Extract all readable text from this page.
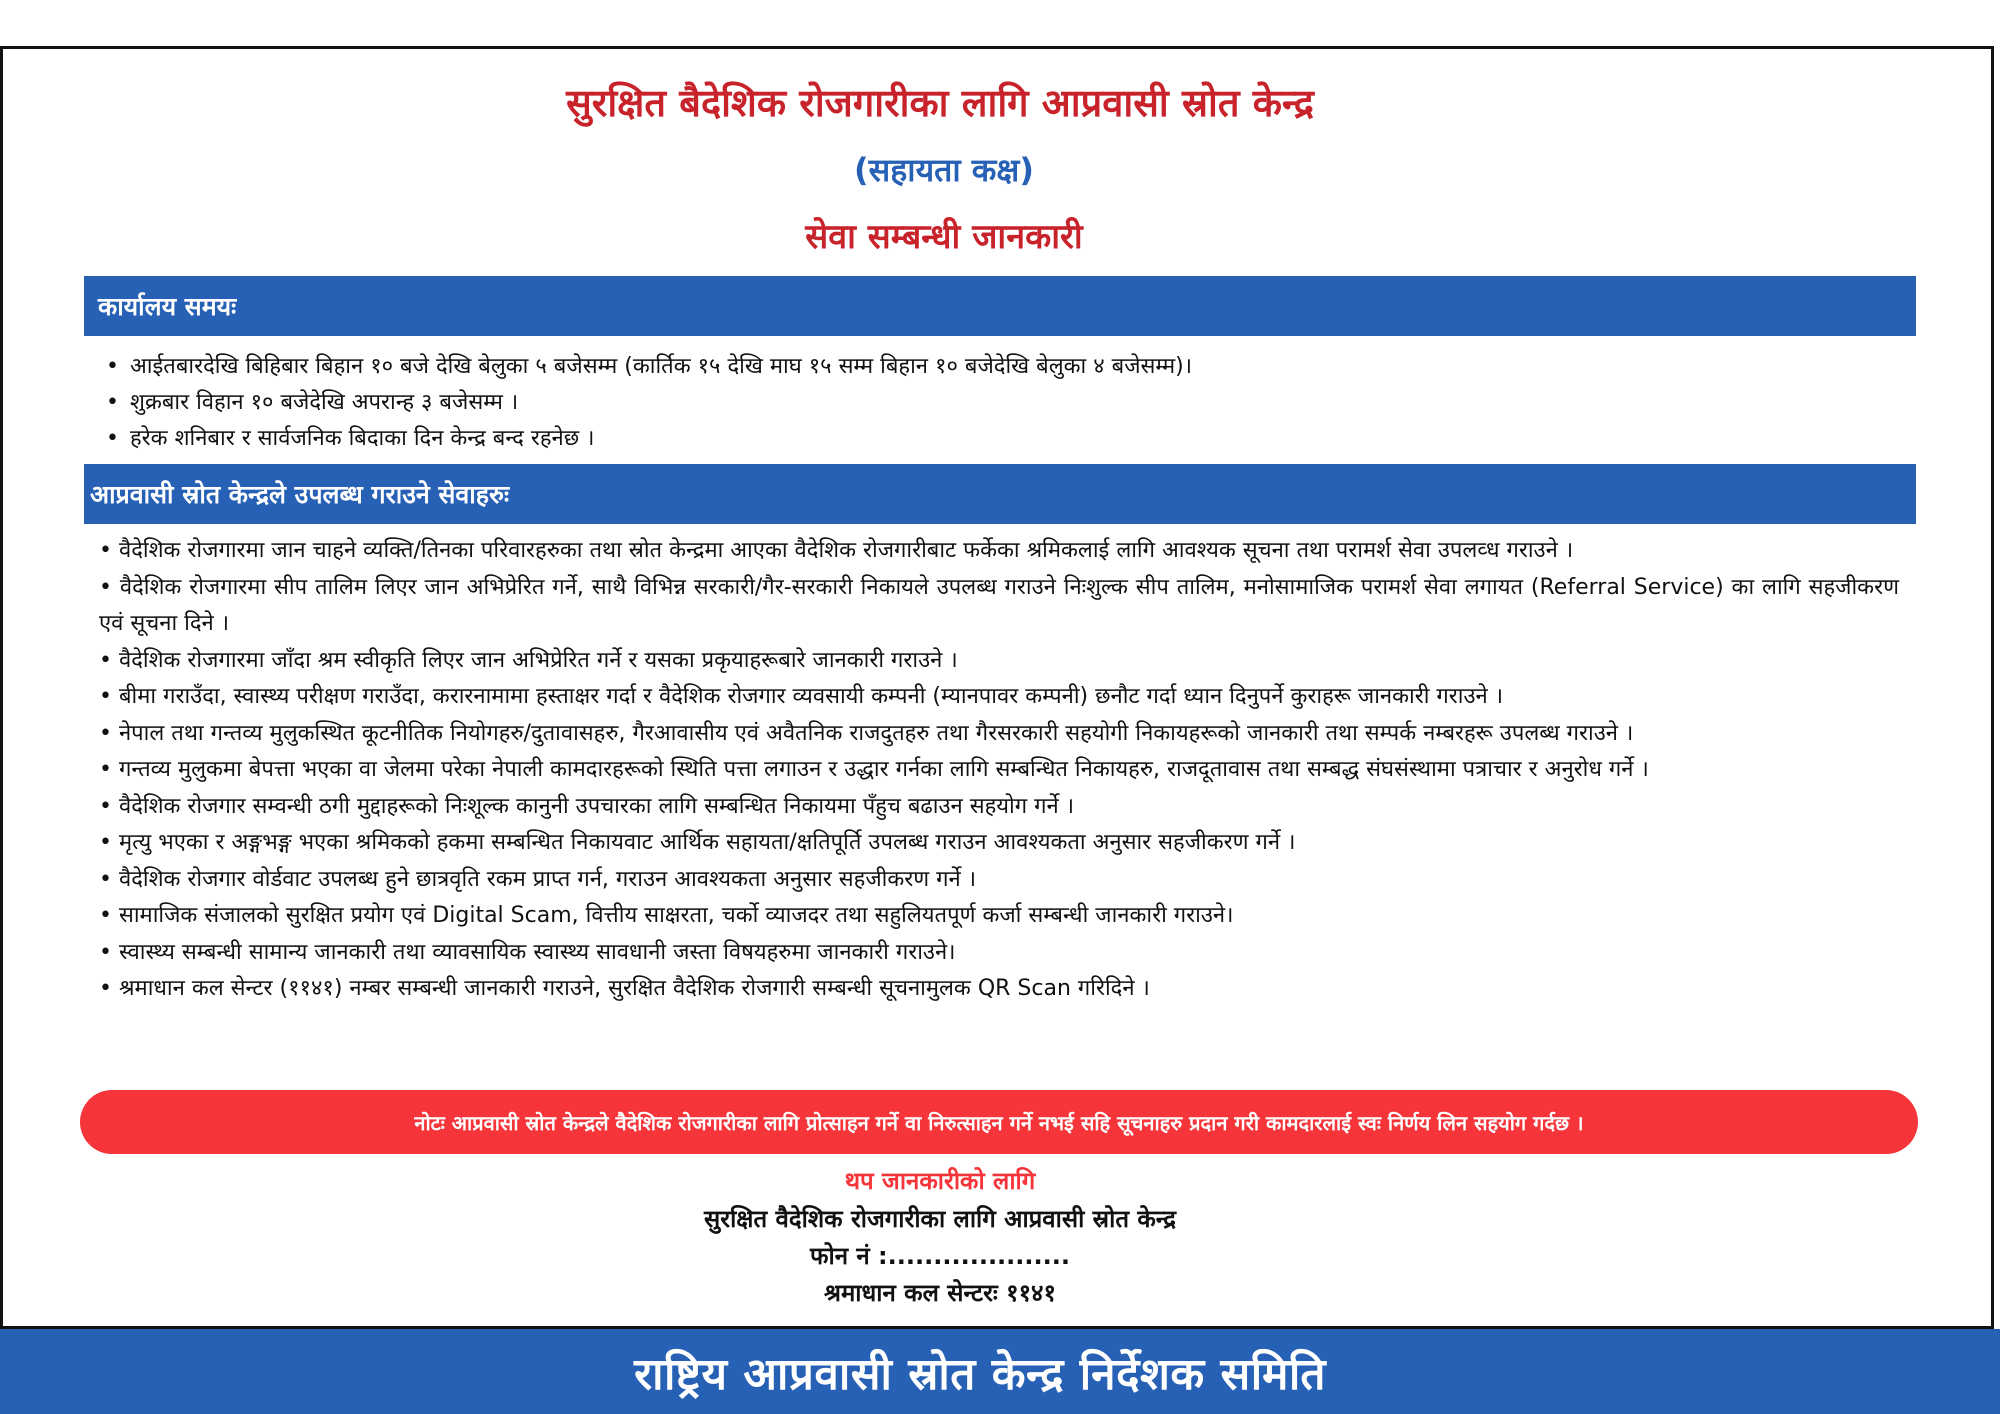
सुरक्षित बैदेशिक रोजगारीका लागि आप्रवासी स्रोत केन्द्र
(सहायता कक्ष)
सेवा सम्बन्धी जानकारी
कार्यालय समयः
• आईतबारदेखि बिहिबार बिहान १० बजे देखि बेलुका ५ बजेसम्म (कार्तिक १५ देखि माघ १५ सम्म बिहान १० बजेदेखि बेलुका ४ बजेसम्म)।
• शुक्रबार विहान १० बजेदेखि अपरान्ह ३ बजेसम्म ।
• हरेक शनिबार र सार्वजनिक बिदाका दिन केन्द्र बन्द रहनेछ ।
आप्रवासी स्रोत केन्द्रले उपलब्ध गराउने सेवाहरुः

• वैदेशिक रोजगारमा जान चाहने व्यक्ति/तिनका परिवारहरुका तथा स्रोत केन्द्रमा आएका वैदेशिक रोजगारीबाट फर्केका श्रमिकलाई लागि आवश्यक सूचना तथा परामर्श सेवा उपलव्ध गराउने ।

• वैदेशिक रोजगारमा सीप तालिम लिएर जान अभिप्रेरित गर्ने, साथै विभिन्न सरकारी/गैर-सरकारी निकायले उपलब्ध गराउने निःशुल्क सीप तालिम, मनोसामाजिक परामर्श सेवा लगायत (Referral Service) का लागि सहजीकरण एवं सूचना दिने ।

• वैदेशिक रोजगारमा जाँदा श्रम स्वीकृति लिएर जान अभिप्रेरित गर्ने र यसका प्रकृयाहरूबारे जानकारी गराउने ।

• बीमा गराउँदा, स्वास्थ्य परीक्षण गराउँदा, करारनामामा हस्ताक्षर गर्दा र वैदेशिक रोजगार व्यवसायी कम्पनी (म्यानपावर कम्पनी) छनौट गर्दा ध्यान दिनुपर्ने कुराहरू जानकारी गराउने ।

• नेपाल तथा गन्तव्य मुलुकस्थित कूटनीतिक नियोगहरु/दुतावासहरु, गैरआवासीय एवं अवैतनिक राजदुतहरु तथा गैरसरकारी सहयोगी निकायहरूको जानकारी तथा सम्पर्क नम्बरहरू उपलब्ध गराउने ।

• गन्तव्य मुलुकमा बेपत्ता भएका वा जेलमा परेका नेपाली कामदारहरूको स्थिति पत्ता लगाउन र उद्धार गर्नका लागि सम्बन्धित निकायहरु, राजदूतावास तथा सम्बद्ध संघसंस्थामा पत्राचार र अनुरोध गर्ने ।

• वैदेशिक रोजगार सम्वन्धी ठगी मुद्दाहरूको निःशूल्क कानुनी उपचारका लागि सम्बन्धित निकायमा पँहुच बढाउन सहयोग गर्ने ।

• मृत्यु भएका र अङ्गभङ्ग भएका श्रमिकको हकमा सम्बन्धित निकायवाट आर्थिक सहायता/क्षतिपूर्ति उपलब्ध गराउन आवश्यकता अनुसार सहजीकरण गर्ने ।

• वैदेशिक रोजगार वोर्डवाट उपलब्ध हुने छात्रवृति रकम प्राप्त गर्न, गराउन आवश्यकता अनुसार सहजीकरण गर्ने ।

• सामाजिक संजालको सुरक्षित प्रयोग एवं Digital Scam, वित्तीय साक्षरता, चर्को व्याजदर तथा सहुलियतपूर्ण कर्जा सम्बन्धी जानकारी गराउने।

• स्वास्थ्य सम्बन्धी सामान्य जानकारी तथा व्यावसायिक स्वास्थ्य सावधानी जस्ता विषयहरुमा जानकारी गराउने।

• श्रमाधान कल सेन्टर (११४१) नम्बर सम्बन्धी जानकारी गराउने, सुरक्षित वैदेशिक रोजगारी सम्बन्धी सूचनामुलक QR Scan गरिदिने ।

नोटः आप्रवासी स्रोत केन्द्रले वैदेशिक रोजगारीका लागि प्रोत्साहन गर्ने वा निरुत्साहन गर्ने नभई सहि सूचनाहरु प्रदान गरी कामदारलाई स्वः निर्णय लिन सहयोग गर्दछ ।
थप जानकारीको लागि
सुरक्षित वैदेशिक रोजगारीका लागि आप्रवासी स्रोत केन्द्र
फोन नं :....................
श्रमाधान कल सेन्टरः ११४१
राष्ट्रिय आप्रवासी स्रोत केन्द्र निर्देशक समिति
